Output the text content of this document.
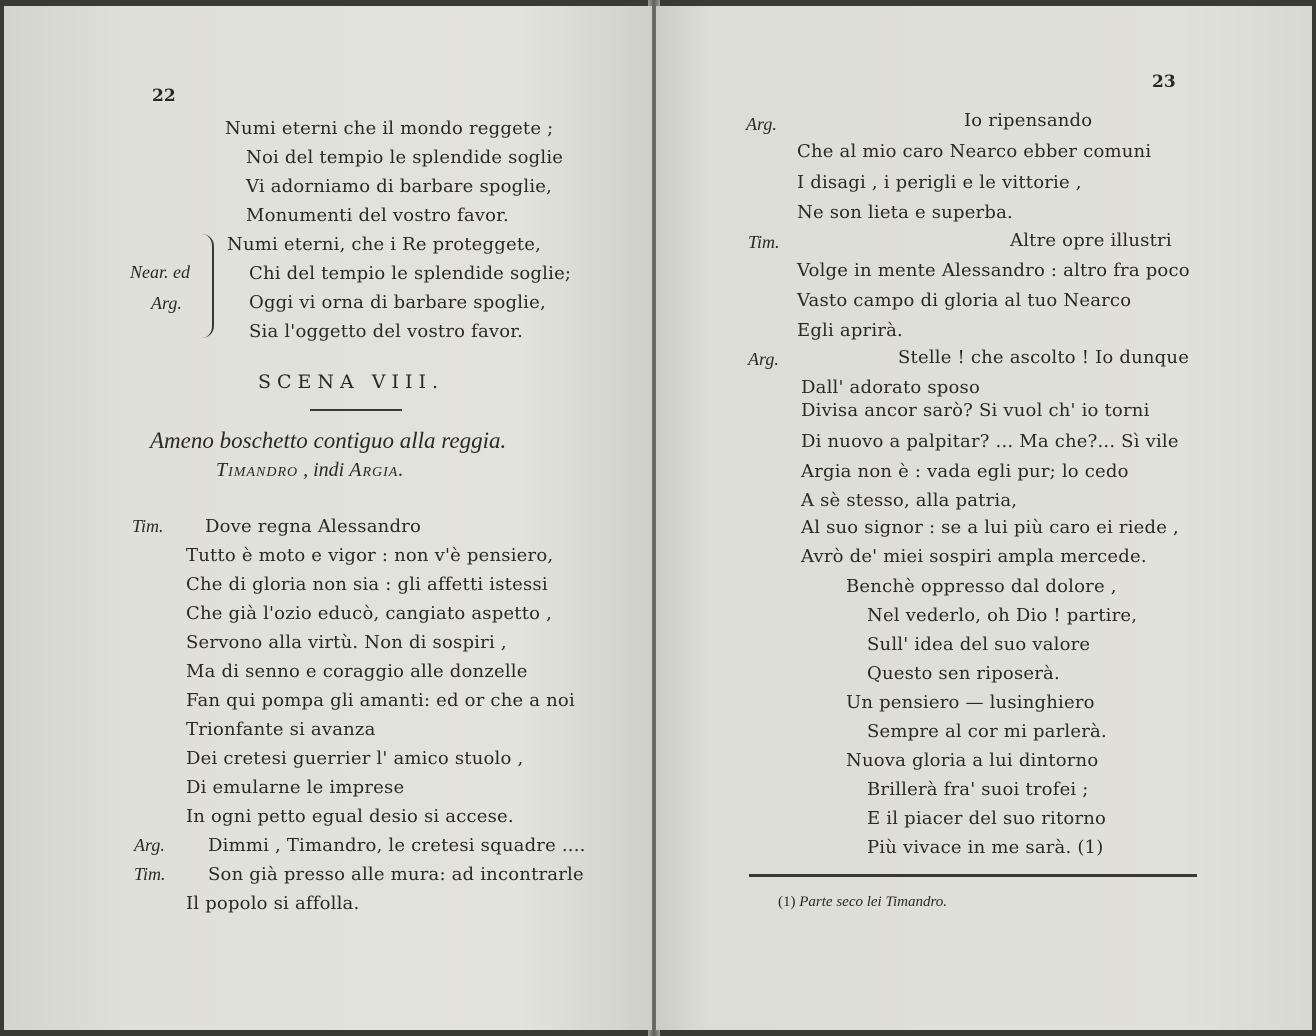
22
Numi eterni che il mondo reggete ;
Noi del tempio le splendide soglie
Vi adorniamo di barbare spoglie,
Monumenti del vostro favor.
Near. ed
Arg.
Numi eterni, che i Re proteggete,
Chi del tempio le splendide soglie;
Oggi vi orna di barbare spoglie,
Sia l'oggetto del vostro favor.
SCENA VIII.
Ameno boschetto contiguo alla reggia.
Timandro , indi Argia.
Tim. Dove regna Alessandro
Tutto è moto e vigor : non v'è pensiero,
Che di gloria non sia : gli affetti istessi
Che già l'ozio educò, cangiato aspetto ,
Servono alla virtù. Non di sospiri ,
Ma di senno e coraggio alle donzelle
Fan qui pompa gli amanti: ed or che a noi
Trionfante si avanza
Dei cretesi guerrier l' amico stuolo ,
Di emularne le imprese
In ogni petto egual desio si accese.
Arg. Dimmi , Timandro, le cretesi squadre ....
Tim. Son già presso alle mura: ad incontrarle
Il popolo si affolla.
23
Arg.	Io ripensando
Che al mio caro Nearco ebber comuni
I disagi , i perigli e le vittorie ,
Ne son lieta e superba.
Tim.	Altre opre illustri
Volge in mente Alessandro : altro fra poco
Vasto campo di gloria al tuo Nearco
Egli aprirà.
Arg.	Stelle ! che ascolto ! Io dunque
Dall' adorato sposo
Divisa ancor sarò? Si vuol ch' io torni
Di nuovo a palpitar? ... Ma che?... Sì vile
Argia non è : vada egli pur; lo cedo
A sè stesso, alla patria,
Al suo signor : se a lui più caro ei riede ,
Avrò de' miei sospiri ampla mercede.
Benchè oppresso dal dolore ,
Nel vederlo, oh Dio ! partire,
Sull' idea del suo valore
Questo sen riposerà.
Un pensiero — lusinghiero
Sempre al cor mi parlerà.
Nuova gloria a lui dintorno
Brillerà fra' suoi trofei ;
E il piacer del suo ritorno
Più vivace in me sarà. (1)
(1) Parte seco lei Timandro.
